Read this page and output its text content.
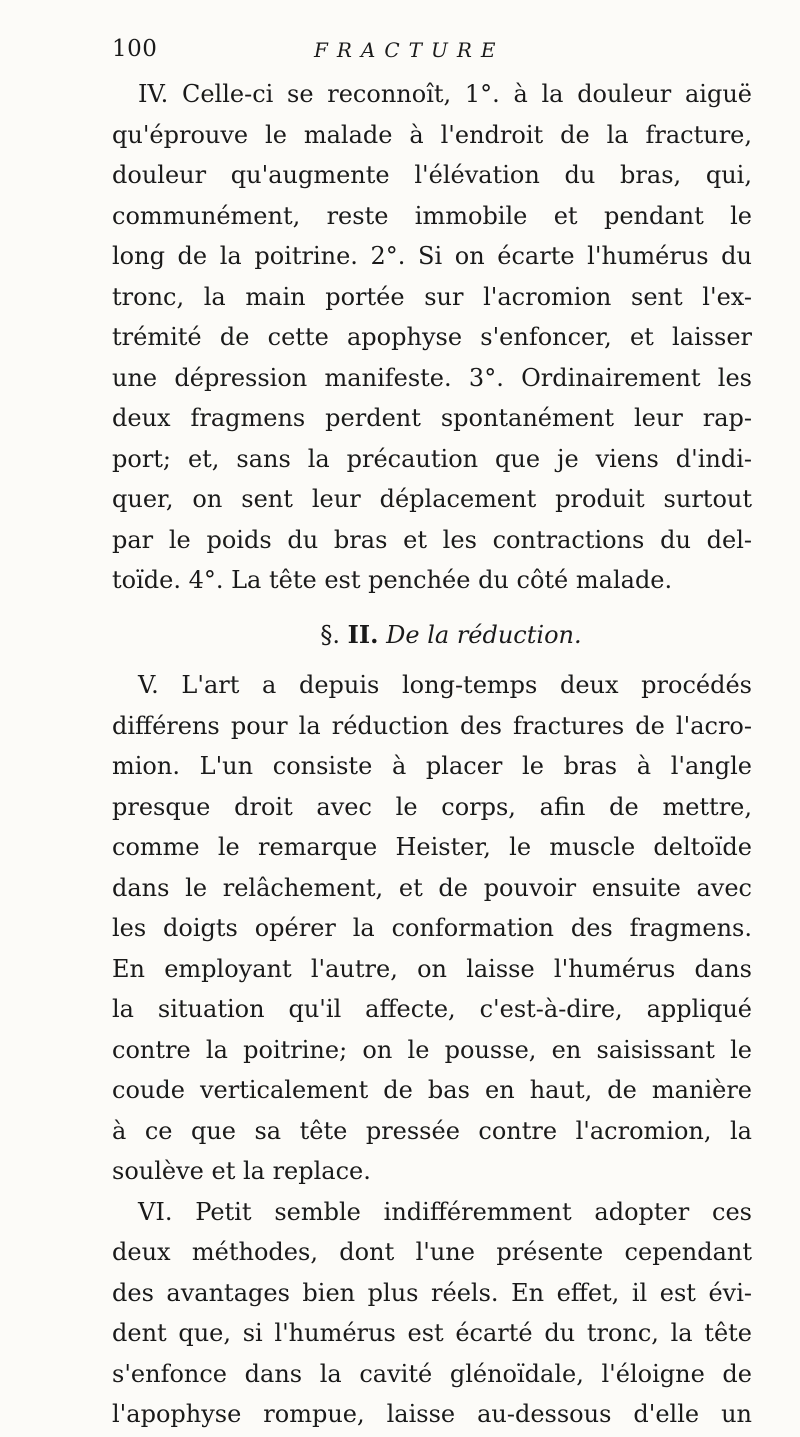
100	FRACTURE
IV. Celle-ci se reconnoît, 1°. à la douleur aiguë
qu'éprouve le malade à l'endroit de la fracture,
douleur qu'augmente l'élévation du bras, qui,
communément, reste immobile et pendant le
long de la poitrine. 2°. Si on écarte l'humérus du
tronc, la main portée sur l'acromion sent l'ex-
trémité de cette apophyse s'enfoncer, et laisser
une dépression manifeste. 3°. Ordinairement les
deux fragmens perdent spontanément leur rap-
port; et, sans la précaution que je viens d'indi-
quer, on sent leur déplacement produit surtout
par le poids du bras et les contractions du del-
toïde. 4°. La tête est penchée du côté malade.
§. II. De la réduction.
V. L'art a depuis long-temps deux procédés
différens pour la réduction des fractures de l'acro-
mion. L'un consiste à placer le bras à l'angle
presque droit avec le corps, afin de mettre,
comme le remarque Heister, le muscle deltoïde
dans le relâchement, et de pouvoir ensuite avec
les doigts opérer la conformation des fragmens.
En employant l'autre, on laisse l'humérus dans
la situation qu'il affecte, c'est-à-dire, appliqué
contre la poitrine; on le pousse, en saisissant le
coude verticalement de bas en haut, de manière
à ce que sa tête pressée contre l'acromion, la
soulève et la replace.
VI. Petit semble indifféremment adopter ces
deux méthodes, dont l'une présente cependant
des avantages bien plus réels. En effet, il est évi-
dent que, si l'humérus est écarté du tronc, la tête
s'enfonce dans la cavité glénoïdale, l'éloigne de
l'apophyse rompue, laisse au-dessous d'elle un
